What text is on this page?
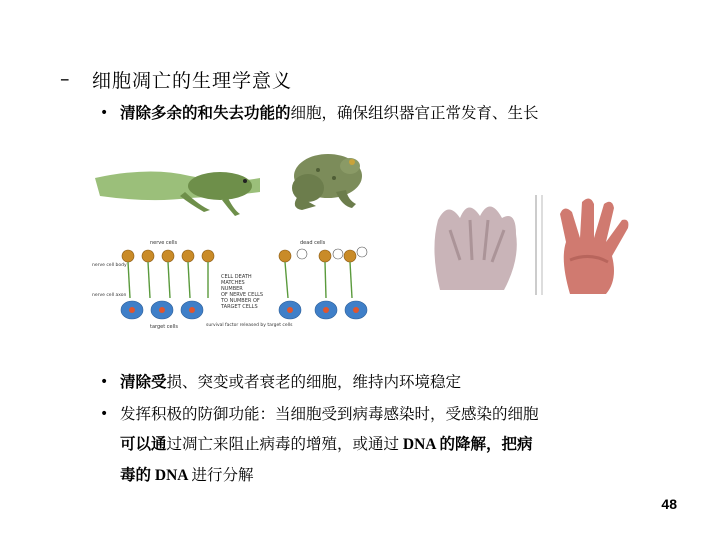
–	细胞凋亡的生理学意义
• 清除多余的和失去功能的细胞，确保组织器官正常发育、生长
nerve cells	dead cells
nerve cell body
nerve cell axon
target cells	survival factor released by target cells
CELL DEATH MATCHES NUMBER OF NERVE CELLS TO NUMBER OF TARGET CELLS
• 清除受损、突变或者衰老的细胞，维持内环境稳定
• 发挥积极的防御功能：当细胞受到病毒感染时，受感染的细胞
可以通过凋亡来阻止病毒的增殖，或通过 DNA 的降解，把病
毒的 DNA 进行分解
48
